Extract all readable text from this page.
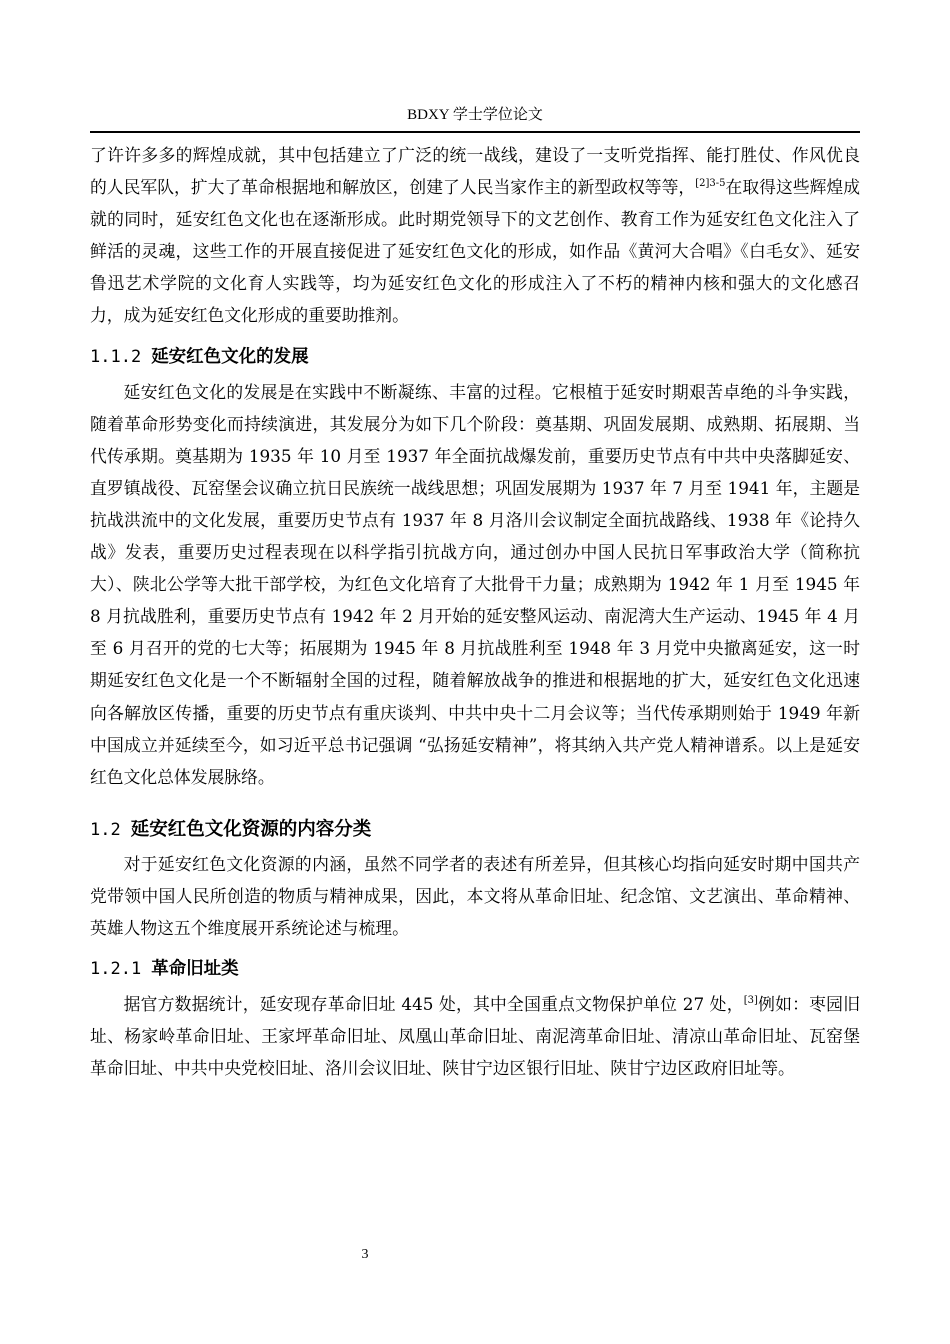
BDXY 学士学位论文

了许许多多的辉煌成就，其中包括建立了广泛的统一战线，建设了一支听党指挥、能打胜仗、作风优良的人民军队，扩大了革命根据地和解放区，创建了人民当家作主的新型政权等等，$^{[2]3-5}$在取得这些辉煌成就的同时，延安红色文化也在逐渐形成。此时期党领导下的文艺创作、教育工作为延安红色文化注入了鲜活的灵魂，这些工作的开展直接促进了延安红色文化的形成，如作品《黄河大合唱》《白毛女》、延安鲁迅艺术学院的文化育人实践等，均为延安红色文化的形成注入了不朽的精神内核和强大的文化感召力，成为延安红色文化形成的重要助推剂。

1.1.2 延安红色文化的发展

延安红色文化的发展是在实践中不断凝练、丰富的过程。它根植于延安时期艰苦卓绝的斗争实践，随着革命形势变化而持续演进，其发展分为如下几个阶段：奠基期、巩固发展期、成熟期、拓展期、当代传承期。奠基期为 1935 年 10 月至 1937 年全面抗战爆发前，重要历史节点有中共中央落脚延安、直罗镇战役、瓦窑堡会议确立抗日民族统一战线思想；巩固发展期为 1937 年 7 月至 1941 年，主题是抗战洪流中的文化发展，重要历史节点有 1937 年 8 月洛川会议制定全面抗战路线、1938 年《论持久战》发表，重要历史过程表现在以科学指引抗战方向，通过创办中国人民抗日军事政治大学（简称抗大）、陕北公学等大批干部学校，为红色文化培育了大批骨干力量；成熟期为 1942 年 1 月至 1945 年 8 月抗战胜利，重要历史节点有 1942 年 2 月开始的延安整风运动、南泥湾大生产运动、1945 年 4 月至 6 月召开的党的七大等；拓展期为 1945 年 8 月抗战胜利至 1948 年 3 月党中央撤离延安，这一时期延安红色文化是一个不断辐射全国的过程，随着解放战争的推进和根据地的扩大，延安红色文化迅速向各解放区传播，重要的历史节点有重庆谈判、中共中央十二月会议等；当代传承期则始于 1949 年新中国成立并延续至今，如习近平总书记强调 “弘扬延安精神”，将其纳入共产党人精神谱系。以上是延安红色文化总体发展脉络。

1.2 延安红色文化资源的内容分类

对于延安红色文化资源的内涵，虽然不同学者的表述有所差异，但其核心均指向延安时期中国共产党带领中国人民所创造的物质与精神成果，因此，本文将从革命旧址、纪念馆、文艺演出、革命精神、英雄人物这五个维度展开系统论述与梳理。

1.2.1 革命旧址类

据官方数据统计，延安现存革命旧址 445 处，其中全国重点文物保护单位 27 处，[3]例如：枣园旧址、杨家岭革命旧址、王家坪革命旧址、凤凰山革命旧址、南泥湾革命旧址、清凉山革命旧址、瓦窑堡革命旧址、中共中央党校旧址、洛川会议旧址、陕甘宁边区银行旧址、陕甘宁边区政府旧址等。

3
